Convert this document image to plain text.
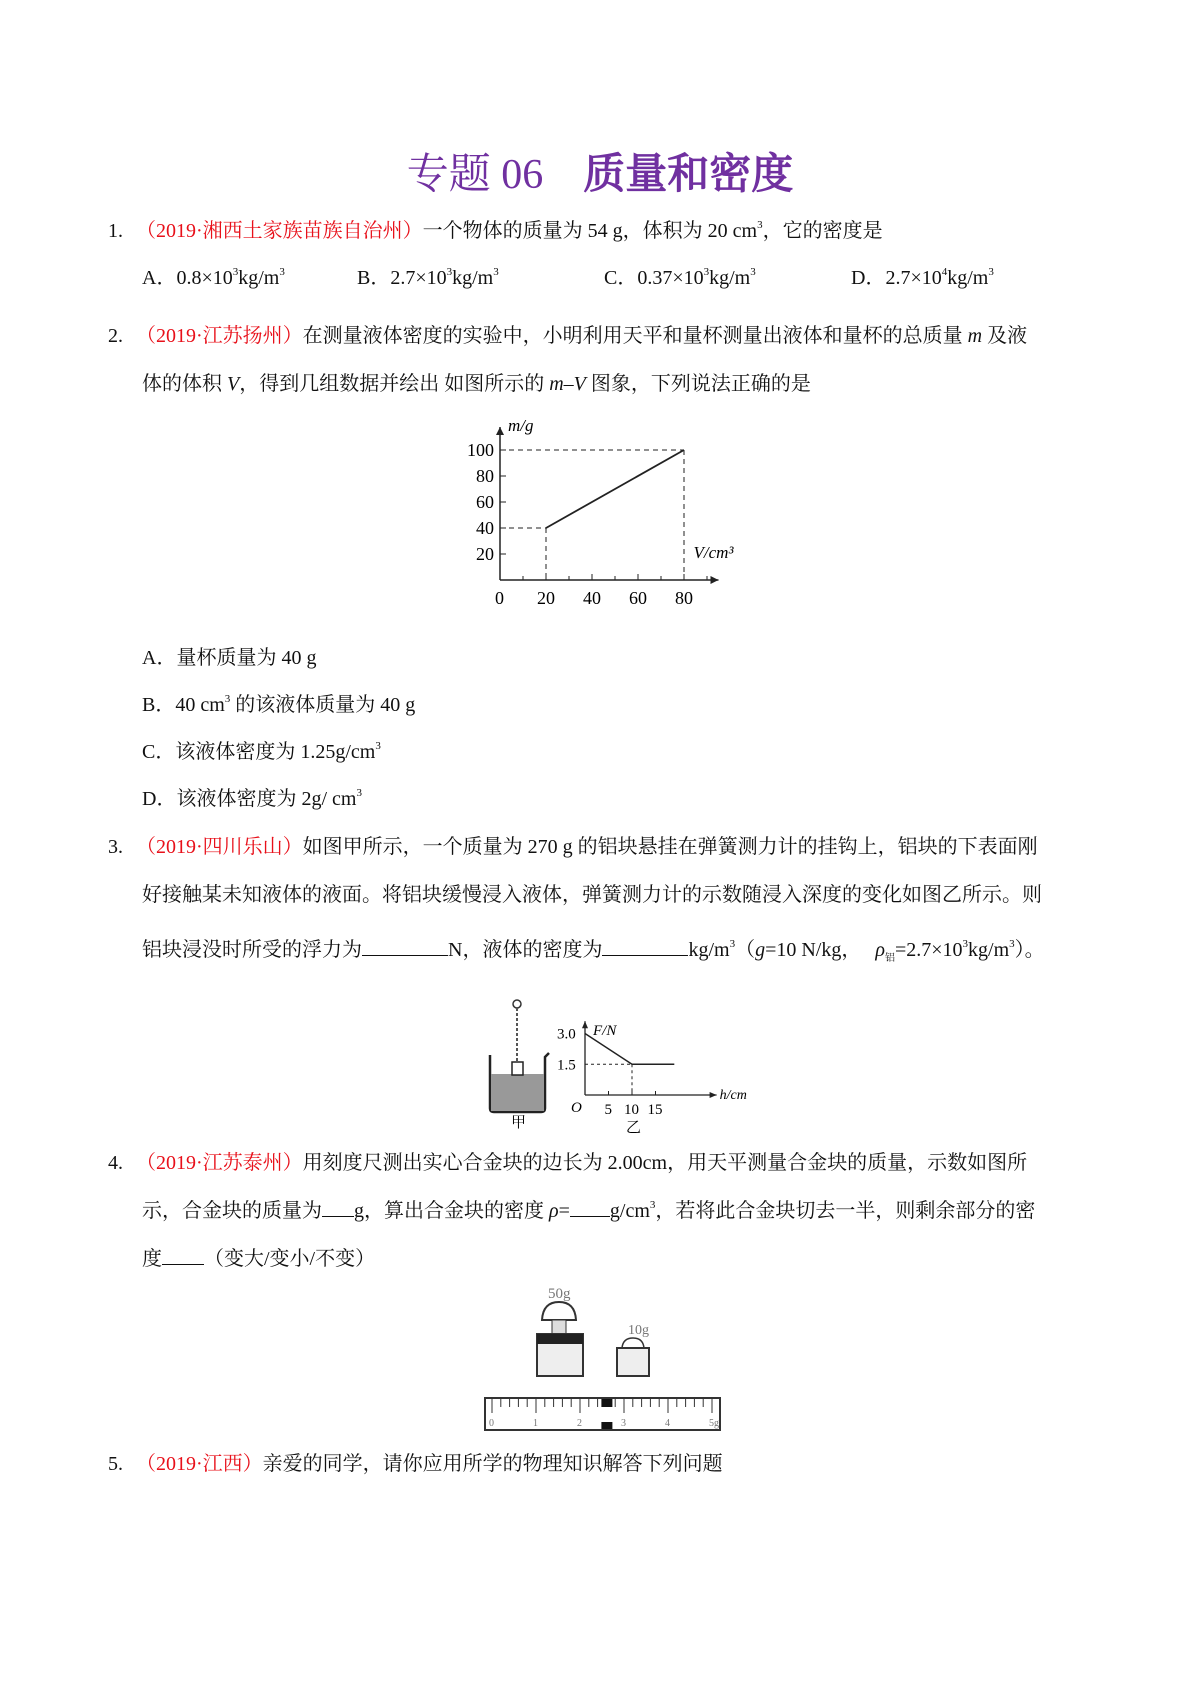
专题 06 质量和密度
1. （2019·湘西土家族苗族自治州）一个物体的质量为 54 g，体积为 20 $cm^3$，它的密度是
A．$0.8\times 10^3kg/m^3$	B．$2.7\times 10^3kg/m^3$	C．$0.37\times 10^3kg/m^3$	D．$2.7\times 10^4kg/m^3$
2. （2019·江苏扬州）在测量液体密度的实验中，小明利用天平和量杯测量出液体和量杯的总质量 m 及液
体的体积 V，得到几组数据并绘出 如图所示的 m–V 图象，下列说法正确的是
0 20 40 60 80
20
40
60
80
100
m/g
V/cm³
A．量杯质量为 40 g
B．40 $cm^3$ 的该液体质量为 40 g
C．该液体密度为 $1.25g/cm^3$
D．该液体密度为 2g/ $cm^3$
3. （2019·四川乐山）如图甲所示，一个质量为 270 g 的铝块悬挂在弹簧测力计的挂钩上，铝块的下表面刚
好接触某未知液体的液面。将铝块缓慢浸入液体，弹簧测力计的示数随浸入深度的变化如图乙所示。则
铝块浸没时所受的浮力为	N，液体的密度为	$kg/m^3(g=10$ N/kg， $\rho_铝=2.7\times 10^3kg/m^3$）。
甲
5 10 15
1.5
3.0
O
F/N
h/cm
乙
4. （2019·江苏泰州）用刻度尺测出实心合金块的边长为 2.00cm，用天平测量合金块的质量，示数如图所
示，合金块的质量为 g，算出合金块的密度 $\rho= g/cm^3$，若将此合金块切去一半，则剩余部分的密
度 （变大/变小/不变）
50g
10g
0	1	2	3	4	5g
5. （2019·江西）亲爱的同学，请你应用所学的物理知识解答下列问题
